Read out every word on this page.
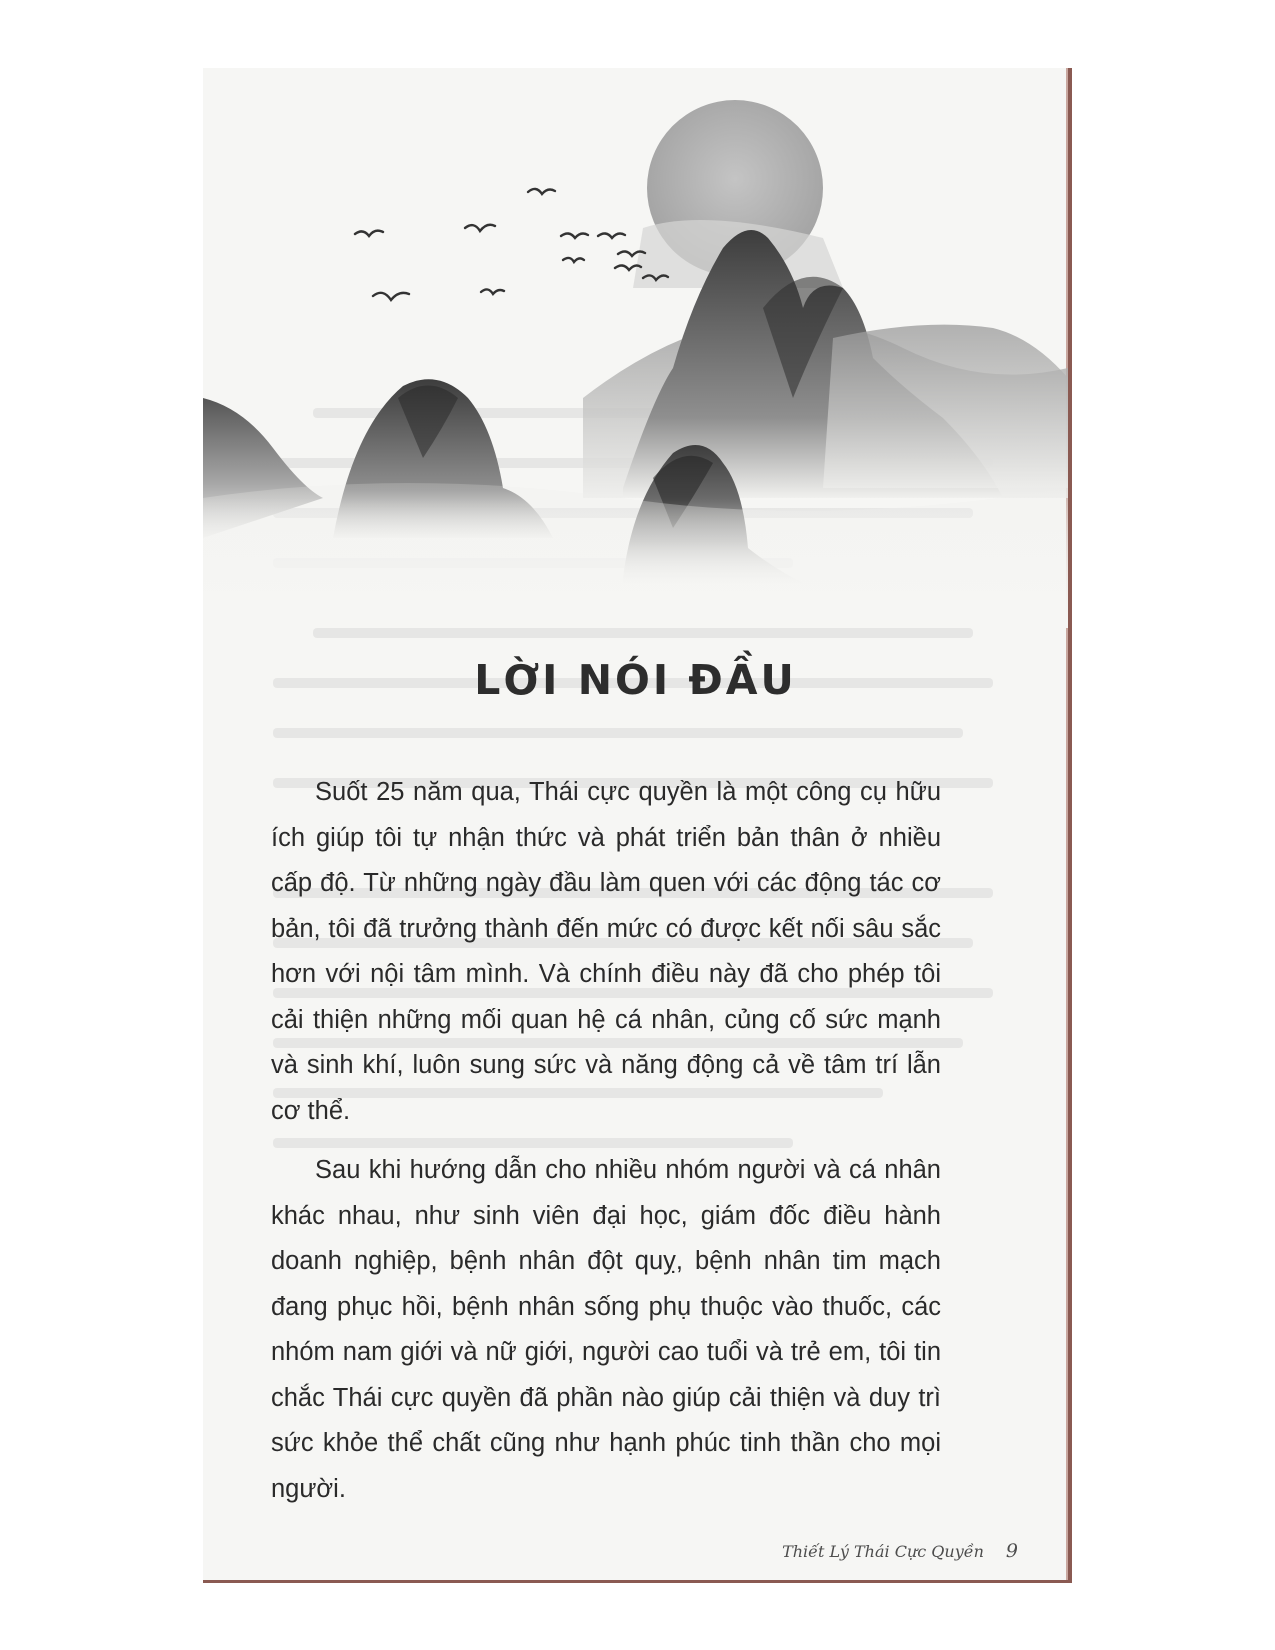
LỜI NÓI ĐẦU

Suốt 25 năm qua, Thái cực quyền là một công cụ hữu ích giúp tôi tự nhận thức và phát triển bản thân ở nhiều cấp độ. Từ những ngày đầu làm quen với các động tác cơ bản, tôi đã trưởng thành đến mức có được kết nối sâu sắc hơn với nội tâm mình. Và chính điều này đã cho phép tôi cải thiện những mối quan hệ cá nhân, củng cố sức mạnh và sinh khí, luôn sung sức và năng động cả về tâm trí lẫn cơ thể.

Sau khi hướng dẫn cho nhiều nhóm người và cá nhân khác nhau, như sinh viên đại học, giám đốc điều hành doanh nghiệp, bệnh nhân đột quỵ, bệnh nhân tim mạch đang phục hồi, bệnh nhân sống phụ thuộc vào thuốc, các nhóm nam giới và nữ giới, người cao tuổi và trẻ em, tôi tin chắc Thái cực quyền đã phần nào giúp cải thiện và duy trì sức khỏe thể chất cũng như hạnh phúc tinh thần cho mọi người.

Thiết Lý Thái Cực Quyền 9
